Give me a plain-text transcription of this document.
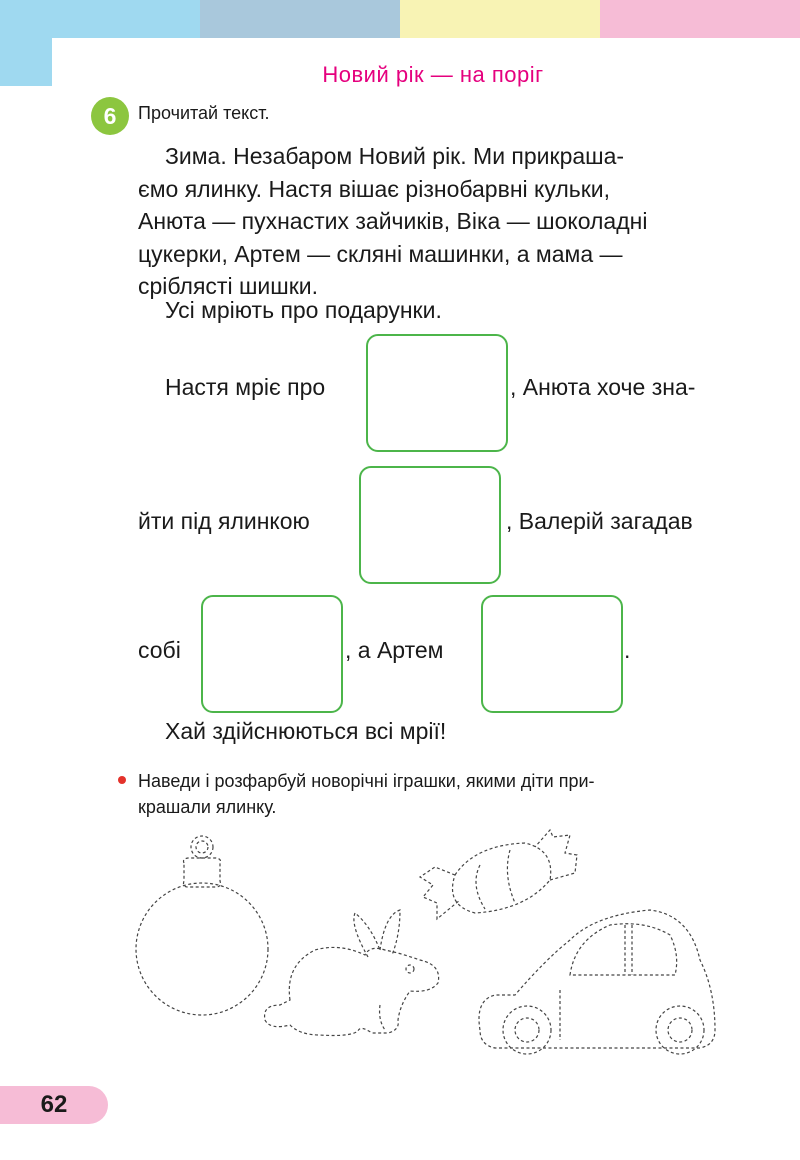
Новий рік — на поріг
6	Прочитай текст.
Зима. Незабаром Новий рік. Ми прикраша-
ємо ялинку. Настя вішає різнобарвні кульки,
Анюта — пухнастих зайчиків, Віка — шоколадні
цукерки, Артем — скляні машинки, а мама —
сріблясті шишки.
Усі мріють про подарунки.
Настя мріє про	, Анюта хоче зна-
йти під ялинкою	, Валерій загадав
собі	, а Артем	.
Хай здійснюються всі мрії!
Наведи і розфарбуй новорічні іграшки, якими діти при-
крашали ялинку.
62
